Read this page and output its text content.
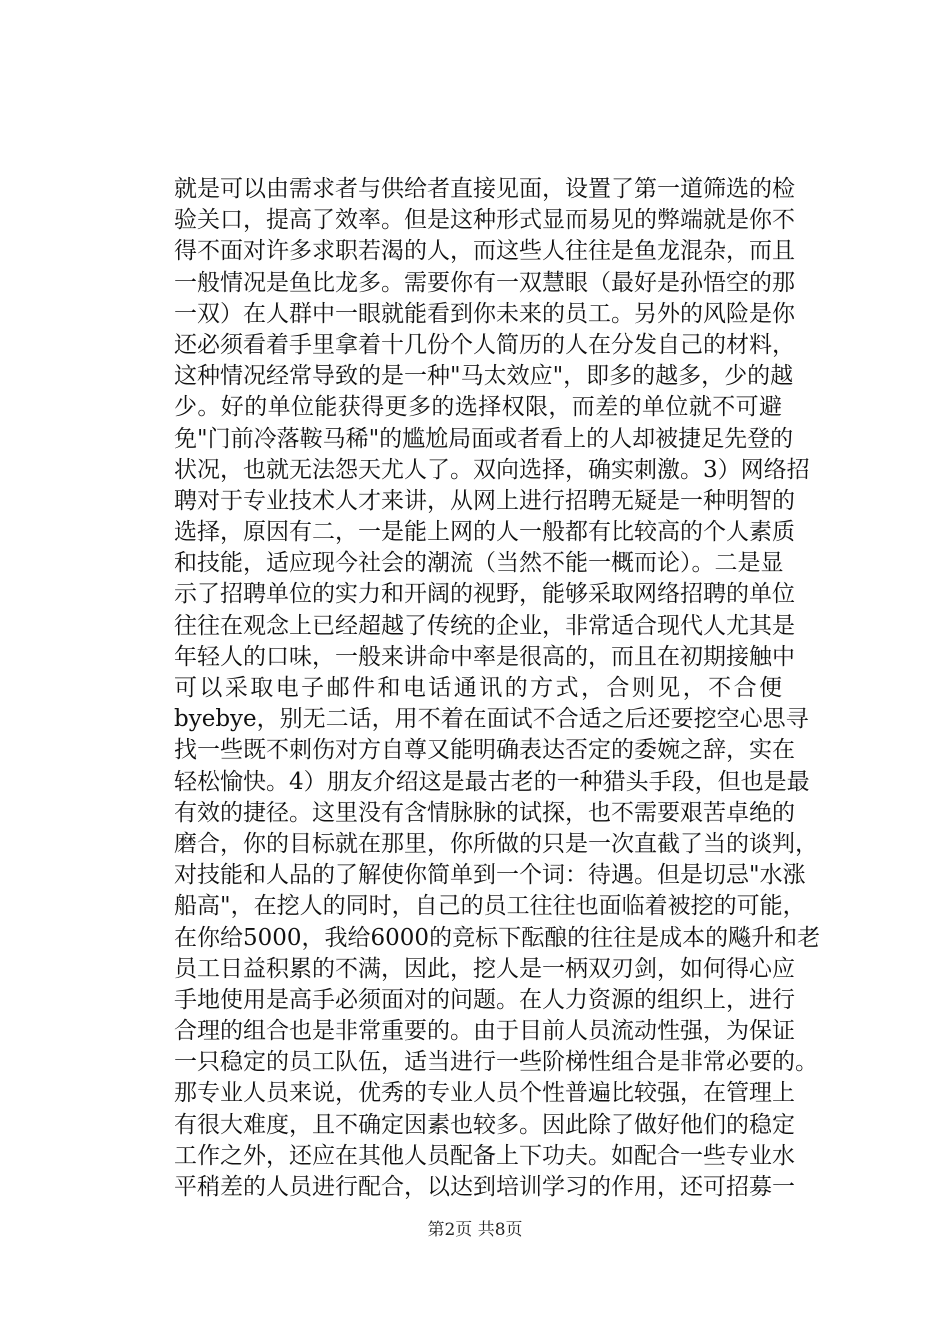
就是可以由需求者与供给者直接见面，设置了第一道筛选的检
验关口，提高了效率。但是这种形式显而易见的弊端就是你不
得不面对许多求职若渴的人，而这些人往往是鱼龙混杂，而且
一般情况是鱼比龙多。需要你有一双慧眼（最好是孙悟空的那
一双）在人群中一眼就能看到你未来的员工。另外的风险是你
还必须看着手里拿着十几份个人简历的人在分发自己的材料，
这种情况经常导致的是一种"马太效应"，即多的越多，少的越
少。好的单位能获得更多的选择权限，而差的单位就不可避
免"门前冷落鞍马稀"的尴尬局面或者看上的人却被捷足先登的
状况，也就无法怨天尤人了。双向选择，确实刺激。3）网络招
聘对于专业技术人才来讲，从网上进行招聘无疑是一种明智的
选择，原因有二，一是能上网的人一般都有比较高的个人素质
和技能，适应现今社会的潮流（当然不能一概而论）。二是显
示了招聘单位的实力和开阔的视野，能够采取网络招聘的单位
往往在观念上已经超越了传统的企业，非常适合现代人尤其是
年轻人的口味，一般来讲命中率是很高的，而且在初期接触中
可以采取电子邮件和电话通讯的方式，合则见，不合便
byebye，别无二话，用不着在面试不合适之后还要挖空心思寻
找一些既不刺伤对方自尊又能明确表达否定的委婉之辞，实在
轻松愉快。4）朋友介绍这是最古老的一种猎头手段，但也是最
有效的捷径。这里没有含情脉脉的试探，也不需要艰苦卓绝的
磨合，你的目标就在那里，你所做的只是一次直截了当的谈判，
对技能和人品的了解使你简单到一个词：待遇。但是切忌"水涨
船高"，在挖人的同时，自己的员工往往也面临着被挖的可能，
在你给5000，我给6000的竞标下酝酿的往往是成本的飚升和老
员工日益积累的不满，因此，挖人是一柄双刃剑，如何得心应
手地使用是高手必须面对的问题。在人力资源的组织上，进行
合理的组合也是非常重要的。由于目前人员流动性强，为保证
一只稳定的员工队伍，适当进行一些阶梯性组合是非常必要的。
那专业人员来说，优秀的专业人员个性普遍比较强，在管理上
有很大难度，且不确定因素也较多。因此除了做好他们的稳定
工作之外，还应在其他人员配备上下功夫。如配合一些专业水
平稍差的人员进行配合，以达到培训学习的作用，还可招募一
第2页 共8页
